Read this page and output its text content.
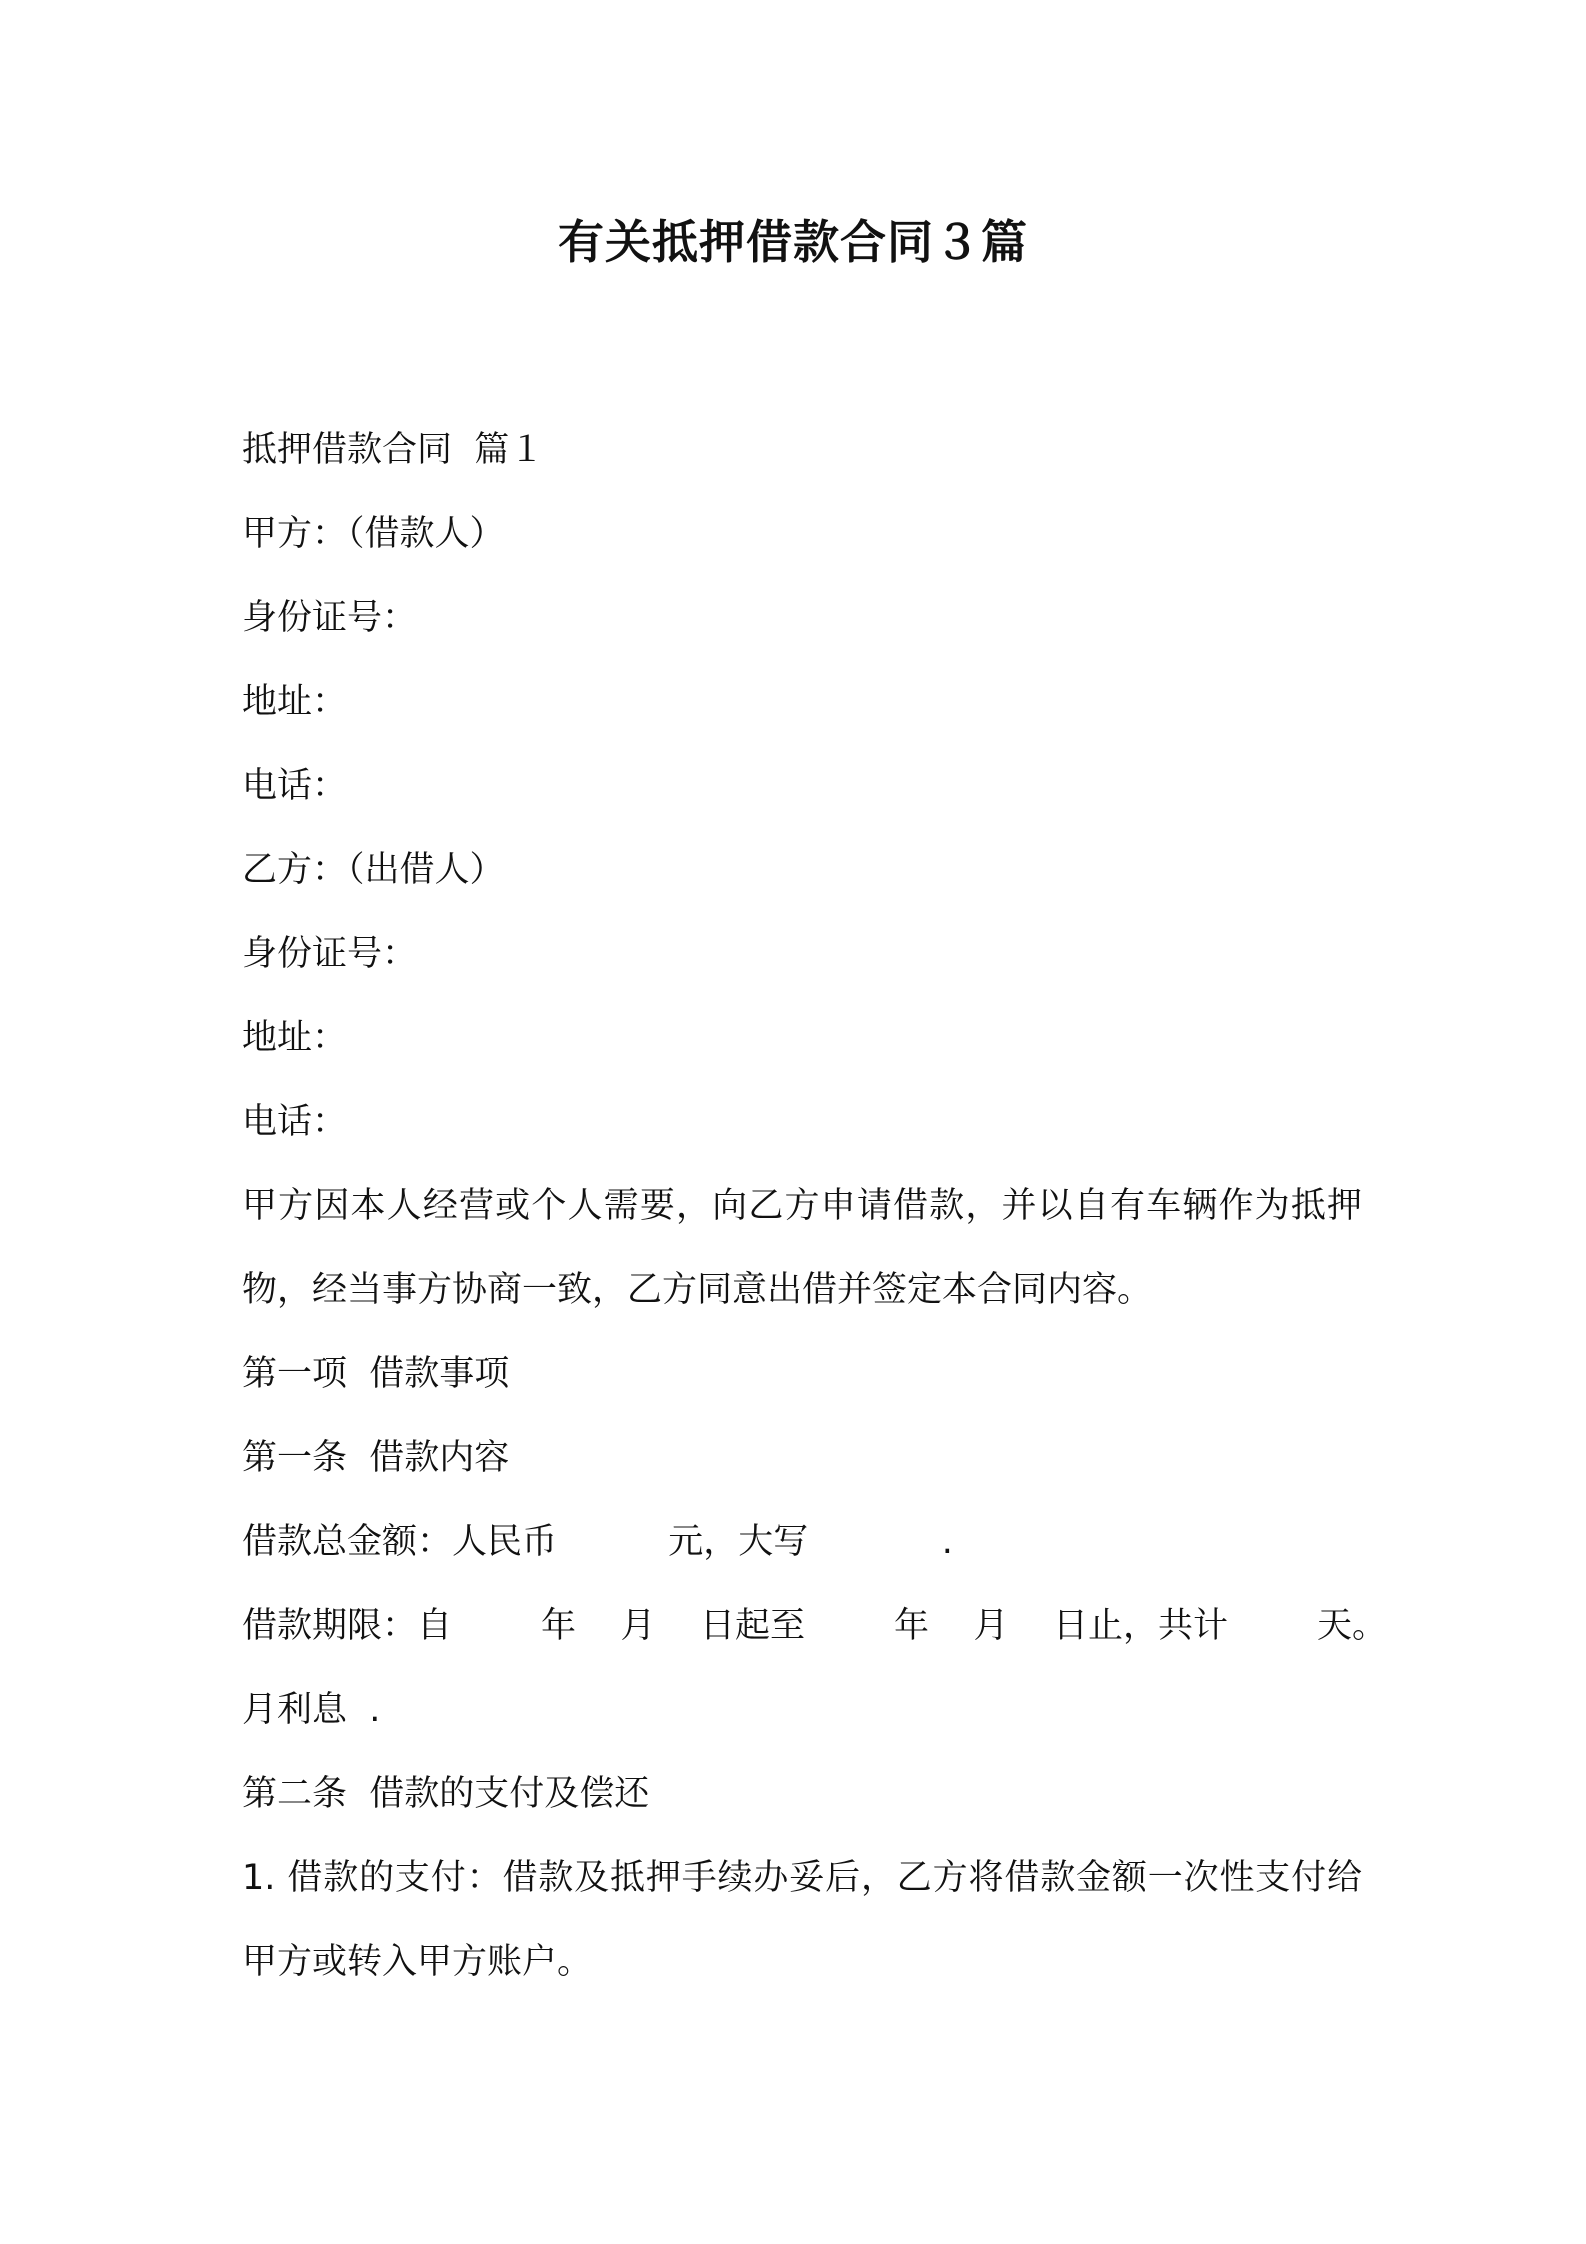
有关抵押借款合同３篇
抵押借款合同  篇１
甲方：（借款人）
身份证号：
地址：
电话：
乙方：（出借人）
身份证号：
地址：
电话：
甲方因本人经营或个人需要，向乙方申请借款，并以自有车辆作为抵押物，经当事方协商一致，乙方同意出借并签定本合同内容。
第一项  借款事项
第一条  借款内容
借款总金额：人民币          元，大写            .
借款期限：自        年    月    日起至        年    月    日止，共计        天。
月利息  .
第二条  借款的支付及偿还
1. 借款的支付：借款及抵押手续办妥后，乙方将借款金额一次性支付给甲方或转入甲方账户。
